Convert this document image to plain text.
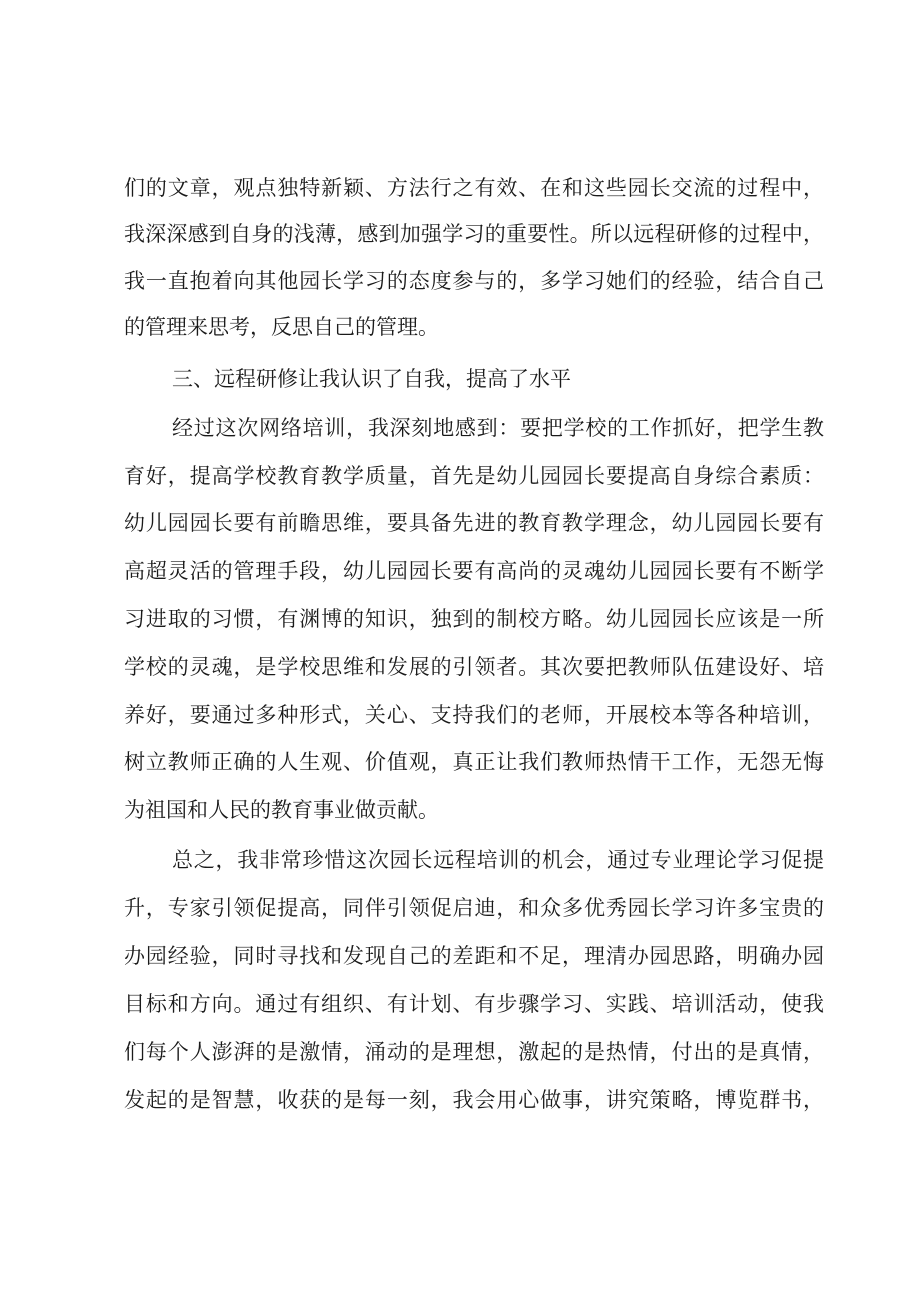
们的文章，观点独特新颖、方法行之有效、在和这些园长交流的过程中，

我深深感到自身的浅薄，感到加强学习的重要性。所以远程研修的过程中，

我一直抱着向其他园长学习的态度参与的，多学习她们的经验，结合自己

的管理来思考，反思自己的管理。

三、远程研修让我认识了自我，提高了水平

经过这次网络培训，我深刻地感到：要把学校的工作抓好，把学生教

育好，提高学校教育教学质量，首先是幼儿园园长要提高自身综合素质：

幼儿园园长要有前瞻思维，要具备先进的教育教学理念，幼儿园园长要有

高超灵活的管理手段，幼儿园园长要有高尚的灵魂幼儿园园长要有不断学

习进取的习惯，有渊博的知识，独到的制校方略。幼儿园园长应该是一所

学校的灵魂，是学校思维和发展的引领者。其次要把教师队伍建设好、培

养好，要通过多种形式，关心、支持我们的老师，开展校本等各种培训，

树立教师正确的人生观、价值观，真正让我们教师热情干工作，无怨无悔

为祖国和人民的教育事业做贡献。

总之，我非常珍惜这次园长远程培训的机会，通过专业理论学习促提

升，专家引领促提高，同伴引领促启迪，和众多优秀园长学习许多宝贵的

办园经验，同时寻找和发现自己的差距和不足，理清办园思路，明确办园

目标和方向。通过有组织、有计划、有步骤学习、实践、培训活动，使我

们每个人澎湃的是激情，涌动的是理想，激起的是热情，付出的是真情，

发起的是智慧，收获的是每一刻，我会用心做事，讲究策略，博览群书，
